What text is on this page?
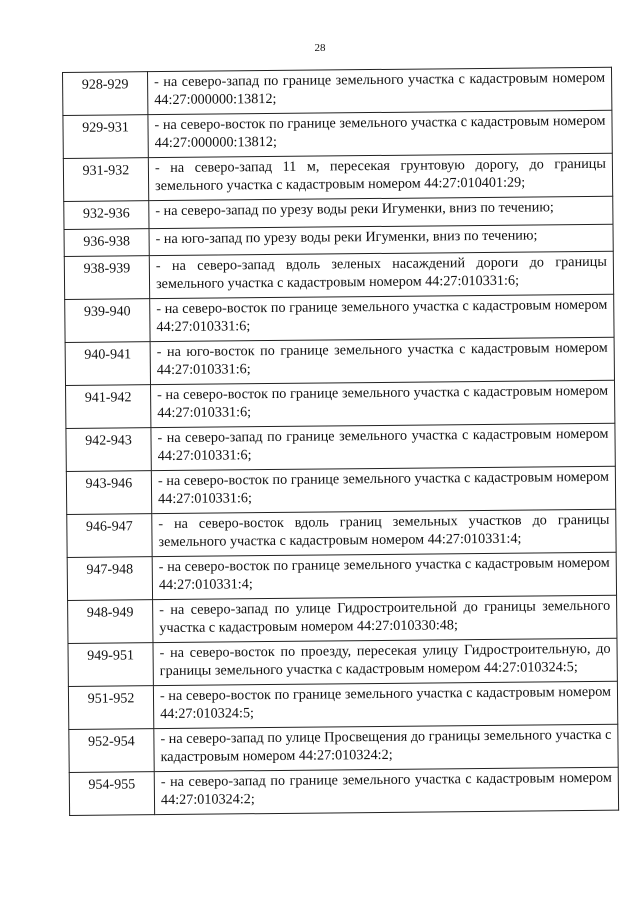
28
928-929	- на северо-запад по границе земельного участка с кадастровым номером 44:27:000000:13812;
929-931	- на северо-восток по границе земельного участка с кадастровым номером 44:27:000000:13812;
931-932	- на северо-запад 11 м, пересекая грунтовую дорогу, до границы земельного участка с кадастровым номером 44:27:010401:29;
932-936	- на северо-запад по урезу воды реки Игуменки, вниз по течению;
936-938	- на юго-запад по урезу воды реки Игуменки, вниз по течению;
938-939	- на северо-запад вдоль зеленых насаждений дороги до границы земельного участка с кадастровым номером 44:27:010331:6;
939-940	- на северо-восток по границе земельного участка с кадастровым номером 44:27:010331:6;
940-941	- на юго-восток по границе земельного участка с кадастровым номером 44:27:010331:6;
941-942	- на северо-восток по границе земельного участка с кадастровым номером 44:27:010331:6;
942-943	- на северо-запад по границе земельного участка с кадастровым номером 44:27:010331:6;
943-946	- на северо-восток по границе земельного участка с кадастровым номером 44:27:010331:6;
946-947	- на северо-восток вдоль границ земельных участков до границы земельного участка с кадастровым номером 44:27:010331:4;
947-948	- на северо-восток по границе земельного участка с кадастровым номером 44:27:010331:4;
948-949	- на северо-запад по улице Гидростроительной до границы земельного участка с кадастровым номером 44:27:010330:48;
949-951	- на северо-восток по проезду, пересекая улицу Гидростроительную, до границы земельного участка с кадастровым номером 44:27:010324:5;
951-952	- на северо-восток по границе земельного участка с кадастровым номером 44:27:010324:5;
952-954	- на северо-запад по улице Просвещения до границы земельного участка с кадастровым номером 44:27:010324:2;
954-955	- на северо-запад по границе земельного участка с кадастровым номером 44:27:010324:2;
